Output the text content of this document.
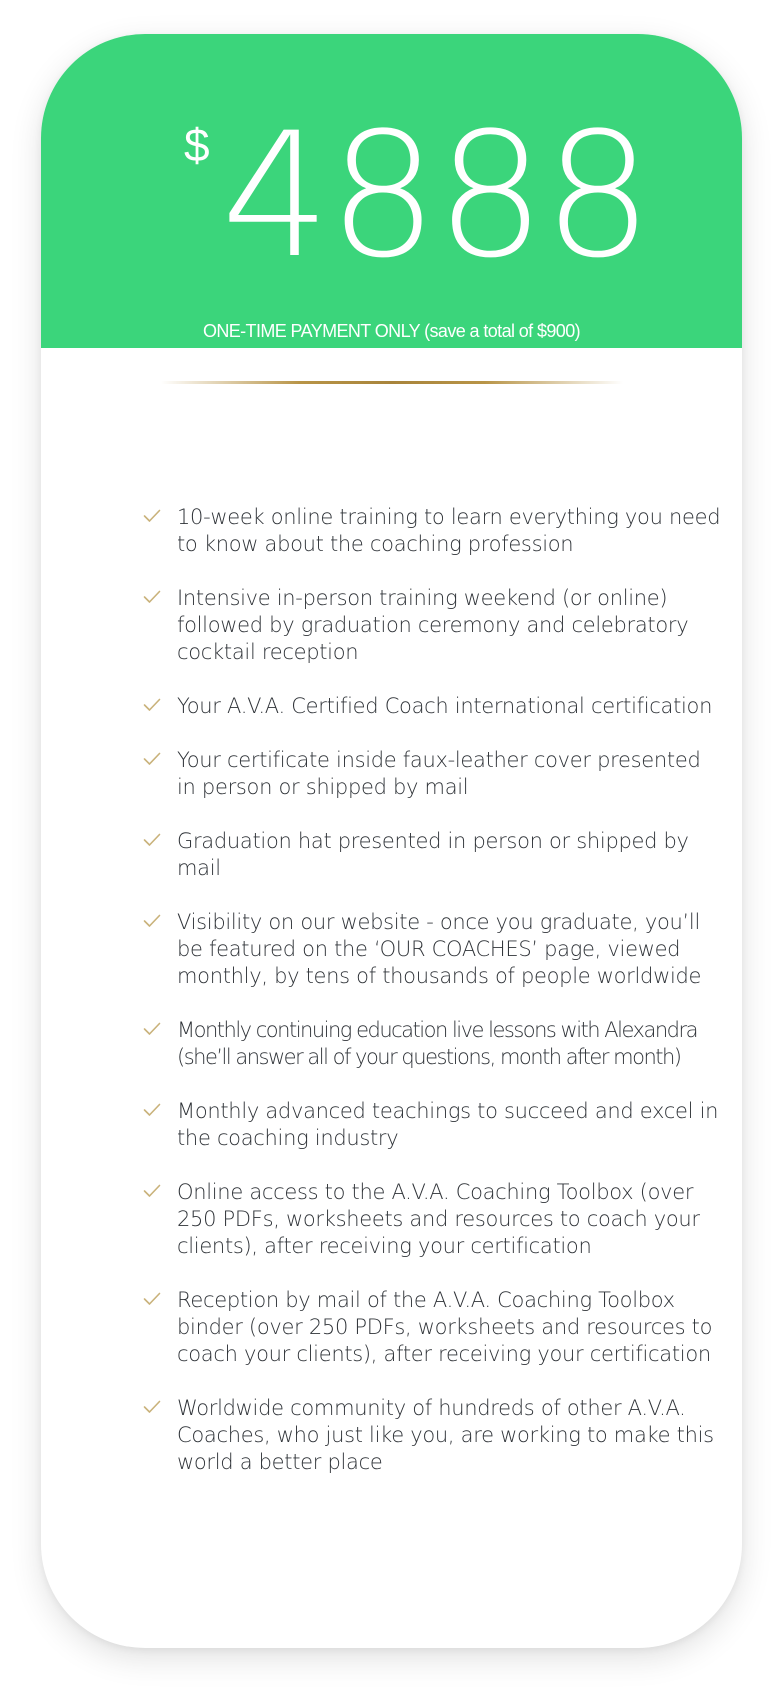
$ 4888
ONE-TIME PAYMENT ONLY (save a total of $900)
10-week online training to learn everything you need to know about the coaching profession
Intensive in-person training weekend (or online) followed by graduation ceremony and celebratory cocktail reception
Your A.V.A. Certified Coach international certification
Your certificate inside faux-leather cover presented in person or shipped by mail
Graduation hat presented in person or shipped by mail
Visibility on our website - once you graduate, you’ll be featured on the ‘OUR COACHES’ page, viewed monthly, by tens of thousands of people worldwide
Monthly continuing education live lessons with Alexandra (she’ll answer all of your questions, month after month)
Monthly advanced teachings to succeed and excel in the coaching industry
Online access to the A.V.A. Coaching Toolbox (over 250 PDFs, worksheets and resources to coach your clients), after receiving your certification
Reception by mail of the A.V.A. Coaching Toolbox binder (over 250 PDFs, worksheets and resources to coach your clients), after receiving your certification
Worldwide community of hundreds of other A.V.A. Coaches, who just like you, are working to make this world a better place
